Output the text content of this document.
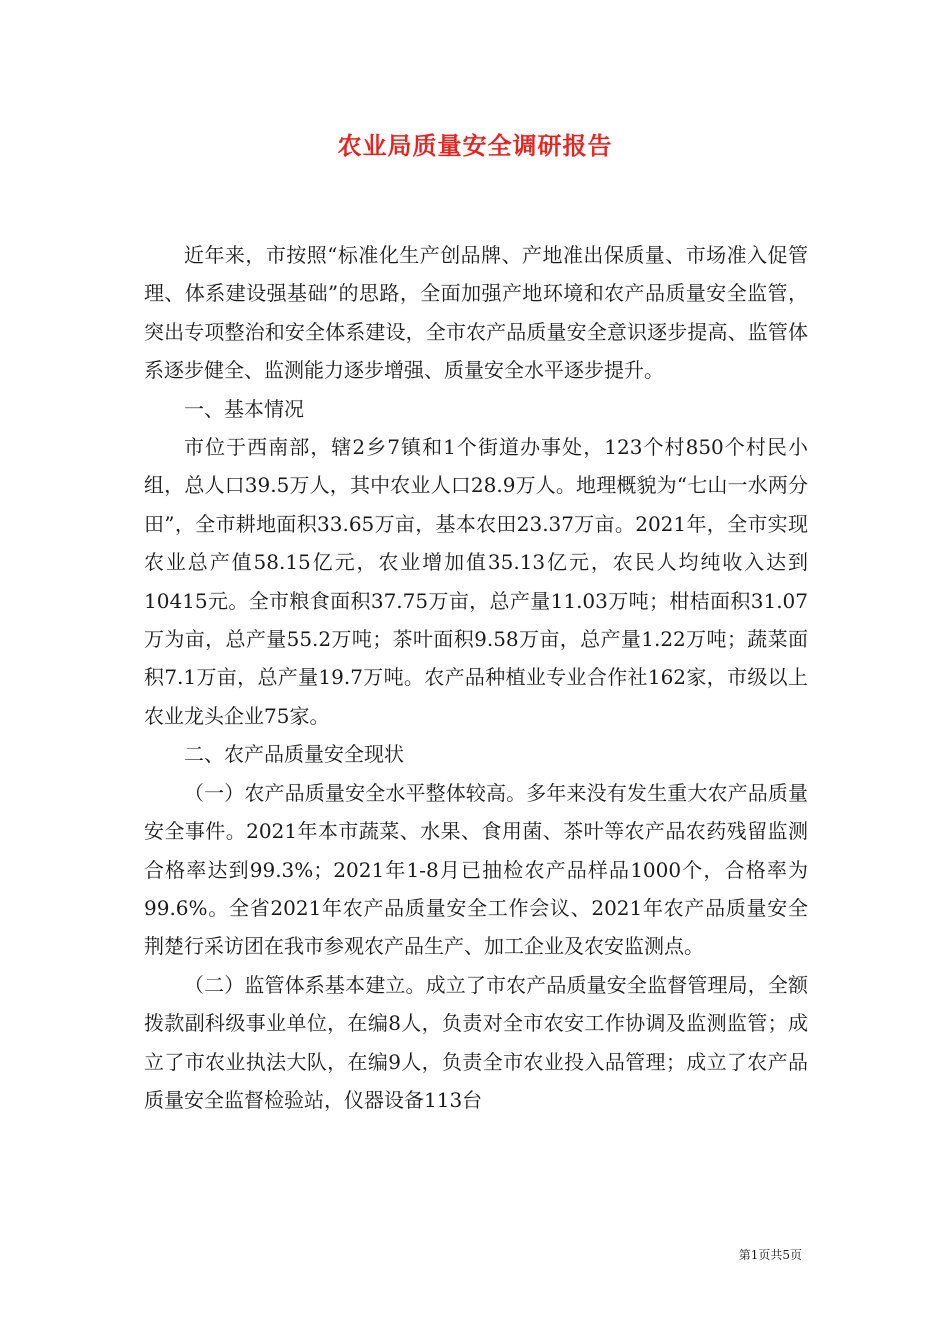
农业局质量安全调研报告

近年来，市按照“标准化生产创品牌、产地准出保质量、市场准入促管理、体系建设强基础”的思路，全面加强产地环境和农产品质量安全监管，突出专项整治和安全体系建设，全市农产品质量安全意识逐步提高、监管体系逐步健全、监测能力逐步增强、质量安全水平逐步提升。

一、基本情况

市位于西南部，辖2乡7镇和1个街道办事处，123个村850个村民小组，总人口39.5万人，其中农业人口28.9万人。地理概貌为“七山一水两分田”，全市耕地面积33.65万亩，基本农田23.37万亩。2021年，全市实现农业总产值58.15亿元，农业增加值35.13亿元，农民人均纯收入达到10415元。全市粮食面积37.75万亩，总产量11.03万吨；柑桔面积31.07万为亩，总产量55.2万吨；茶叶面积9.58万亩，总产量1.22万吨；蔬菜面积7.1万亩，总产量19.7万吨。农产品种植业专业合作社162家，市级以上农业龙头企业75家。

二、农产品质量安全现状

（一）农产品质量安全水平整体较高。多年来没有发生重大农产品质量安全事件。2021年本市蔬菜、水果、食用菌、茶叶等农产品农药残留监测合格率达到99.3%；2021年1-8月已抽检农产品样品1000个，合格率为99.6%。全省2021年农产品质量安全工作会议、2021年农产品质量安全荆楚行采访团在我市参观农产品生产、加工企业及农安监测点。

（二）监管体系基本建立。成立了市农产品质量安全监督管理局，全额拨款副科级事业单位，在编8人，负责对全市农安工作协调及监测监管；成立了市农业执法大队，在编9人，负责全市农业投入品管理；成立了农产品质量安全监督检验站，仪器设备113台

第1页共5页
